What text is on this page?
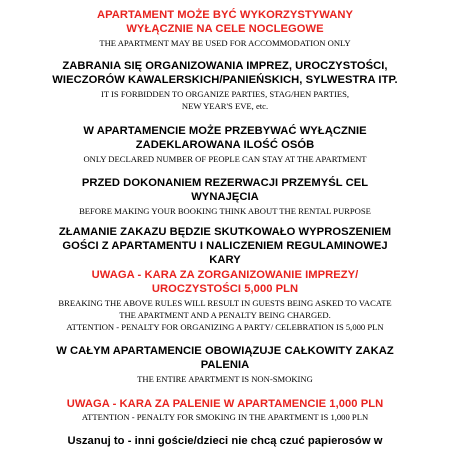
APARTAMENT MOŻE BYĆ WYKORZYSTYWANY
WYŁĄCZNIE NA CELE NOCLEGOWE
THE APARTMENT MAY BE USED FOR ACCOMMODATION ONLY
ZABRANIA SIĘ ORGANIZOWANIA IMPREZ, UROCZYSTOŚCI,
WIECZORÓW KAWALERSKICH/PANIEŃSKICH, SYLWESTRA ITP.
IT IS FORBIDDEN TO ORGANIZE PARTIES, STAG/HEN PARTIES,
NEW YEAR'S EVE, etc.
W APARTAMENCIE MOŻE PRZEBYWAĆ WYŁĄCZNIE
ZADEKLAROWANA ILOŚĆ OSÓB
ONLY DECLARED NUMBER OF PEOPLE CAN STAY AT THE APARTMENT
PRZED DOKONANIEM REZERWACJI PRZEMYŚL CEL
WYNAJĘCIA
BEFORE MAKING YOUR BOOKING THINK ABOUT THE RENTAL PURPOSE
ZŁAMANIE ZAKAZU BĘDZIE SKUTKOWAŁO WYPROSZENIEM
GOŚCI Z APARTAMENTU I NALICZENIEM REGULAMINOWEJ
KARY
UWAGA - KARA ZA ZORGANIZOWANIE IMPREZY/
UROCZYSTOŚCI 5,000 PLN
BREAKING THE ABOVE RULES WILL RESULT IN GUESTS BEING ASKED TO VACATE
THE APARTMENT AND A PENALTY BEING CHARGED.
ATTENTION - PENALTY FOR ORGANIZING A PARTY/ CELEBRATION IS 5,000 PLN
W CAŁYM APARTAMENCIE OBOWIĄZUJE CAŁKOWITY ZAKAZ
PALENIA
THE ENTIRE APARTMENT IS NON-SMOKING
UWAGA - KARA ZA PALENIE W APARTAMENCIE 1,000 PLN
ATTENTION - PENALTY FOR SMOKING IN THE APARTMENT IS 1,000 PLN
Uszanuj to - inni goście/dzieci nie chcą czuć papierosów w
